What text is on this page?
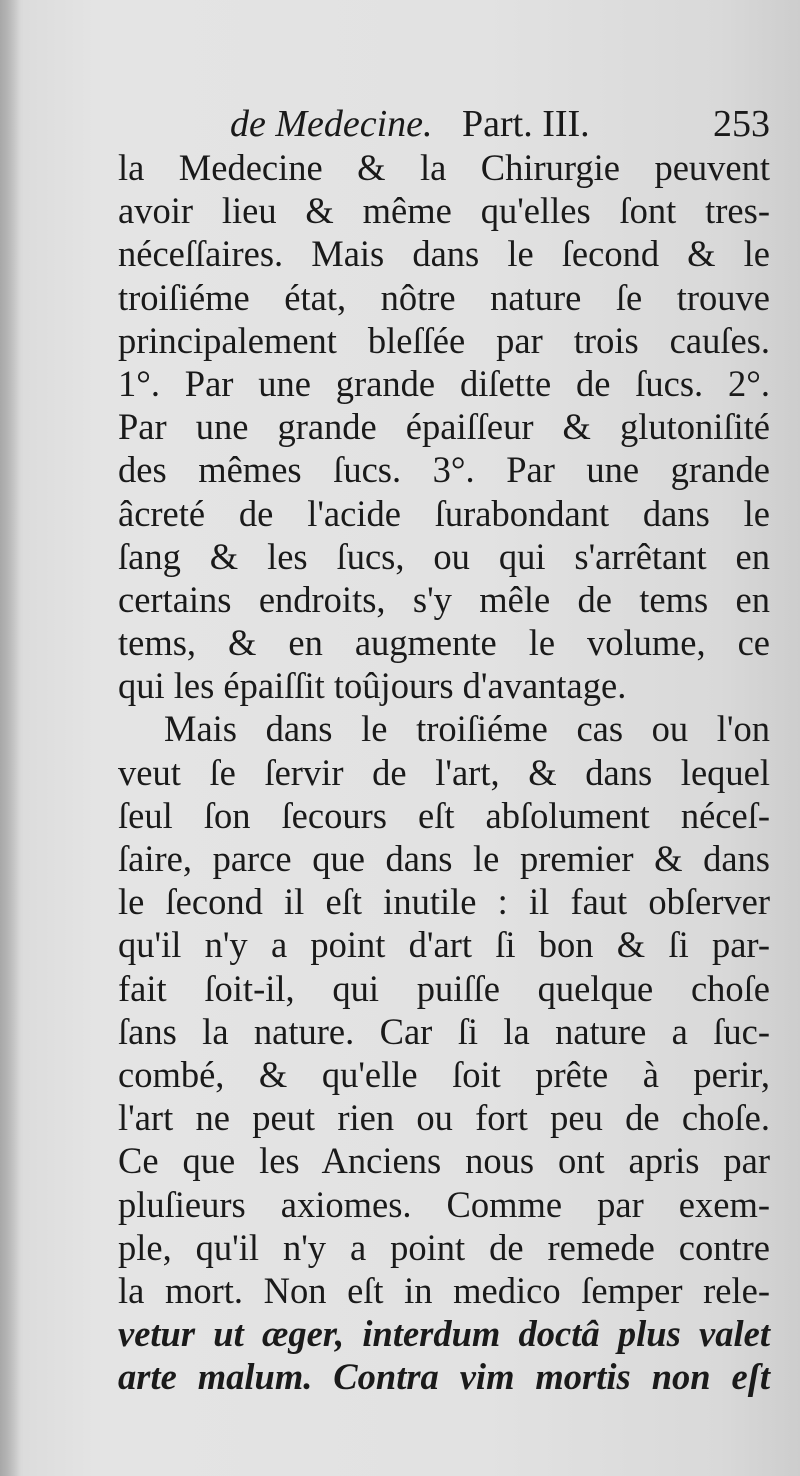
de Medecine. Part. III.	253
la Medecine & la Chirurgie peuvent
avoir lieu & même qu'elles ſont tres-
néceſſaires. Mais dans le ſecond & le
troiſiéme état, nôtre nature ſe trouve
principalement bleſſée par trois cauſes.
1°. Par une grande diſette de ſucs. 2°.
Par une grande épaiſſeur & glutoniſité
des mêmes ſucs. 3°. Par une grande
âcreté de l'acide ſurabondant dans le
ſang & les ſucs, ou qui s'arrêtant en
certains endroits, s'y mêle de tems en
tems, & en augmente le volume, ce
qui les épaiſſit toûjours d'avantage.
Mais dans le troiſiéme cas ou l'on
veut ſe ſervir de l'art, & dans lequel
ſeul ſon ſecours eſt abſolument néceſ-
ſaire, parce que dans le premier & dans
le ſecond il eſt inutile : il faut obſerver
qu'il n'y a point d'art ſi bon & ſi par-
fait ſoit-il, qui puiſſe quelque choſe
ſans la nature. Car ſi la nature a ſuc-
combé, & qu'elle ſoit prête à perir,
l'art ne peut rien ou fort peu de choſe.
Ce que les Anciens nous ont apris par
pluſieurs axiomes. Comme par exem-
ple, qu'il n'y a point de remede contre
la mort. Non eſt in medico ſemper rele-
vetur ut æger, interdum doctâ plus valet
arte malum. Contra vim mortis non eſt
